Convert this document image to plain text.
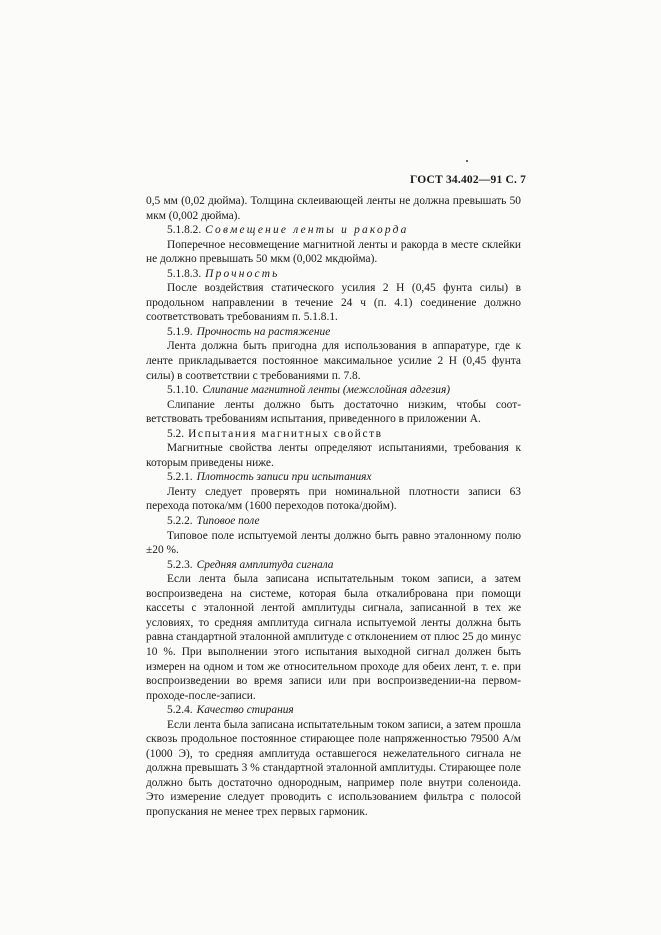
ГОСТ 34.402—91 С. 7

0,5 мм (0,02 дюйма). Толщина склеивающей ленты не должна превышать 50 мкм (0,002 дюйма).

5.1.8.2. Совмещение ленты и ракорда

Поперечное несовмещение магнитной ленты и ракорда в месте склейки не должно превышать 50 мкм (0,002 мкдюйма).

5.1.8.3. Прочность

После воздействия статического усилия 2 Н (0,45 фунта силы) в продольном направлении в течение 24 ч (п. 4.1) соединение должно соответствовать требованиям п. 5.1.8.1.

5.1.9. Прочность на растяжение

Лента должна быть пригодна для использования в аппаратуре, где к ленте прикладывается постоянное максимальное усилие 2 Н (0,45 фунта силы) в соответствии с требованиями п. 7.8.

5.1.10. Слипание магнитной ленты (межслойная адгезия)

Слипание ленты должно быть достаточно низким, чтобы соответствовать требованиям испытания, приведенного в приложении А.

5.2. Испытания магнитных свойств

Магнитные свойства ленты определяют испытаниями, требования к которым приведены ниже.

5.2.1. Плотность записи при испытаниях

Ленту следует проверять при номинальной плотности записи 63 перехода потока/мм (1600 переходов потока/дюйм).

5.2.2. Типовое поле

Типовое поле испытуемой ленты должно быть равно эталонному полю ±20 %.

5.2.3. Средняя амплитуда сигнала

Если лента была записана испытательным током записи, а затем воспроизведена на системе, которая была откалибрована при помощи кассеты с эталонной лентой амплитуды сигнала, записанной в тех же условиях, то средняя амплитуда сигнала испытуемой ленты должна быть равна стандартной эталонной амплитуде с отклонением от плюс 25 до минус 10 %. При выполнении этого испытания выходной сигнал должен быть измерен на одном и том же относительном проходе для обеих лент, т. е. при воспроизведении во время записи или при воспроизведении-на первом-проходе-после-записи.

5.2.4. Качество стирания

Если лента была записана испытательным током записи, а затем прошла сквозь продольное постоянное стирающее поле напряженностью 79500 А/м (1000 Э), то средняя амплитуда оставшегося нежелательного сигнала не должна превышать 3 % стандартной эталонной амплитуды. Стирающее поле должно быть достаточно однородным, например поле внутри соленоида. Это измерение следует проводить с использованием фильтра с полосой пропускания не менее трех первых гармоник.
